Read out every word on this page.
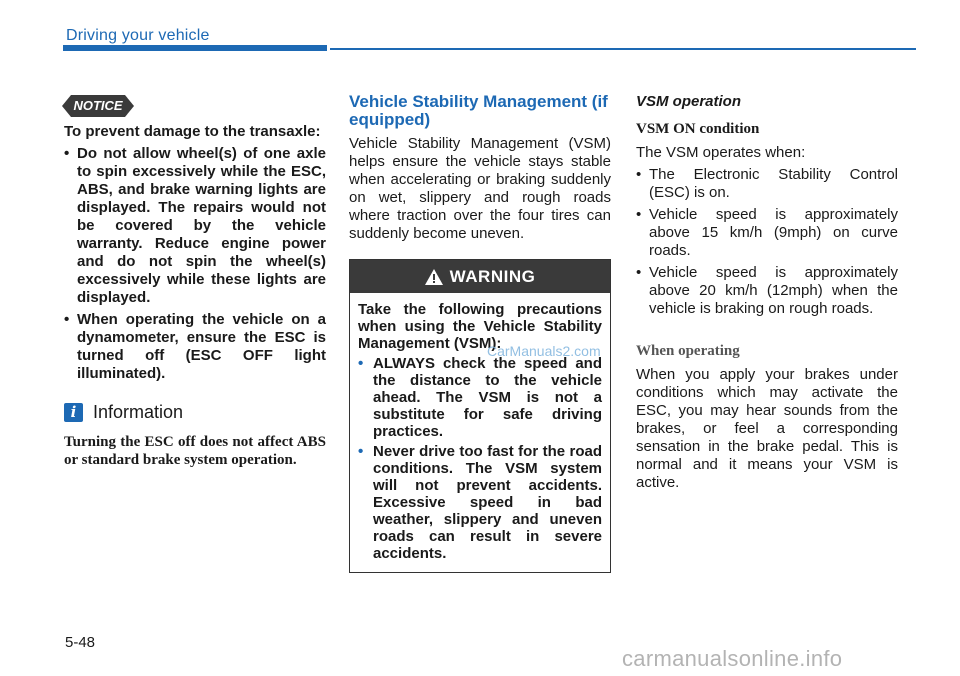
Driving your vehicle
NOTICE

To prevent damage to the transaxle:

• Do not allow wheel(s) of one axle to spin excessively while the ESC, ABS, and brake warning lights are displayed. The repairs would not be covered by the vehicle warranty. Reduce engine power and do not spin the wheel(s) excessively while these lights are displayed.
• When operating the vehicle on a dynamometer, ensure the ESC is turned off (ESC OFF light illuminated).
i Information

Turning the ESC off does not affect ABS or standard brake system operation.

Vehicle Stability Management (if equipped)

Vehicle Stability Management (VSM) helps ensure the vehicle stays stable when accelerating or braking suddenly on wet, slippery and rough roads where traction over the four tires can suddenly become uneven.

WARNING

Take the following precautions when using the Vehicle Stability Management (VSM):

• ALWAYS check the speed and the distance to the vehicle ahead. The VSM is not a substitute for safe driving practices.
• Never drive too fast for the road conditions. The VSM system will not prevent accidents. Excessive speed in bad weather, slippery and uneven roads can result in severe accidents.
VSM operation
VSM ON condition

The VSM operates when:

• The Electronic Stability Control (ESC) is on.
• Vehicle speed is approximately above 15 km/h (9mph) on curve roads.
• Vehicle speed is approximately above 20 km/h (12mph) when the vehicle is braking on rough roads.
When operating

When you apply your brakes under conditions which may activate the ESC, you may hear sounds from the brakes, or feel a corresponding sensation in the brake pedal. This is normal and it means your VSM is active.

5-48
CarManuals2.com
carmanualsonline.info
